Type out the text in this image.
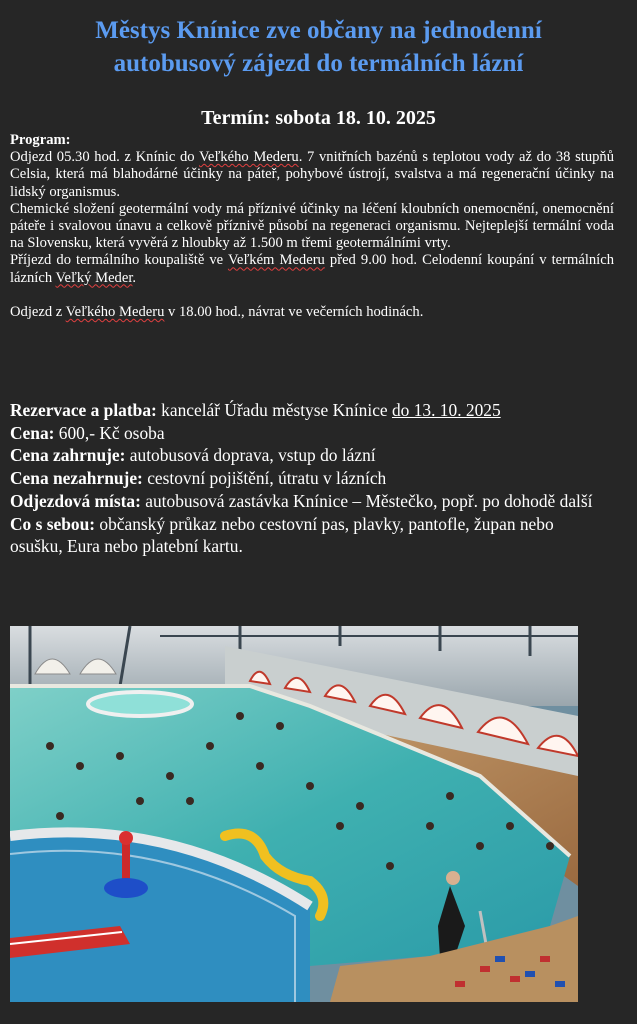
Městys Knínice zve občany na jednodenní
autobusový zájezd do termálních lázní
Termín: sobota 18. 10. 2025
Program:

Odjezd 05.30 hod. z Knínic do Veľkého Mederu. 7 vnitřních bazénů s teplotou vody až do 38 stupňů Celsia, která má blahodárné účinky na páteř, pohybové ústrojí, svalstva a má regenerační účinky na lidský organismus.

Chemické složení geotermální vody má příznivé účinky na léčení kloubních onemocnění, onemocnění páteře i svalovou únavu a celkově příznivě působí na regeneraci organismu. Nejteplejší termální voda na Slovensku, která vyvěrá z hloubky až 1.500 m třemi geotermálními vrty.

Příjezd do termálního koupaliště ve Veľkém Mederu před 9.00 hod. Celodenní koupání v termálních lázních Veľký Meder.

Odjezd z Veľkého Mederu v 18.00 hod., návrat ve večerních hodinách.

Rezervace a platba: kancelář Úřadu městyse Knínice do 13. 10. 2025

Cena: 600,- Kč osoba

Cena zahrnuje: autobusová doprava, vstup do lázní

Cena nezahrnuje: cestovní pojištění, útratu v lázních

Odjezdová místa: autobusová zastávka Knínice – Městečko, popř. po dohodě další

Co s sebou: občanský průkaz nebo cestovní pas, plavky, pantofle, župan nebo osušku, Eura nebo platební kartu.
